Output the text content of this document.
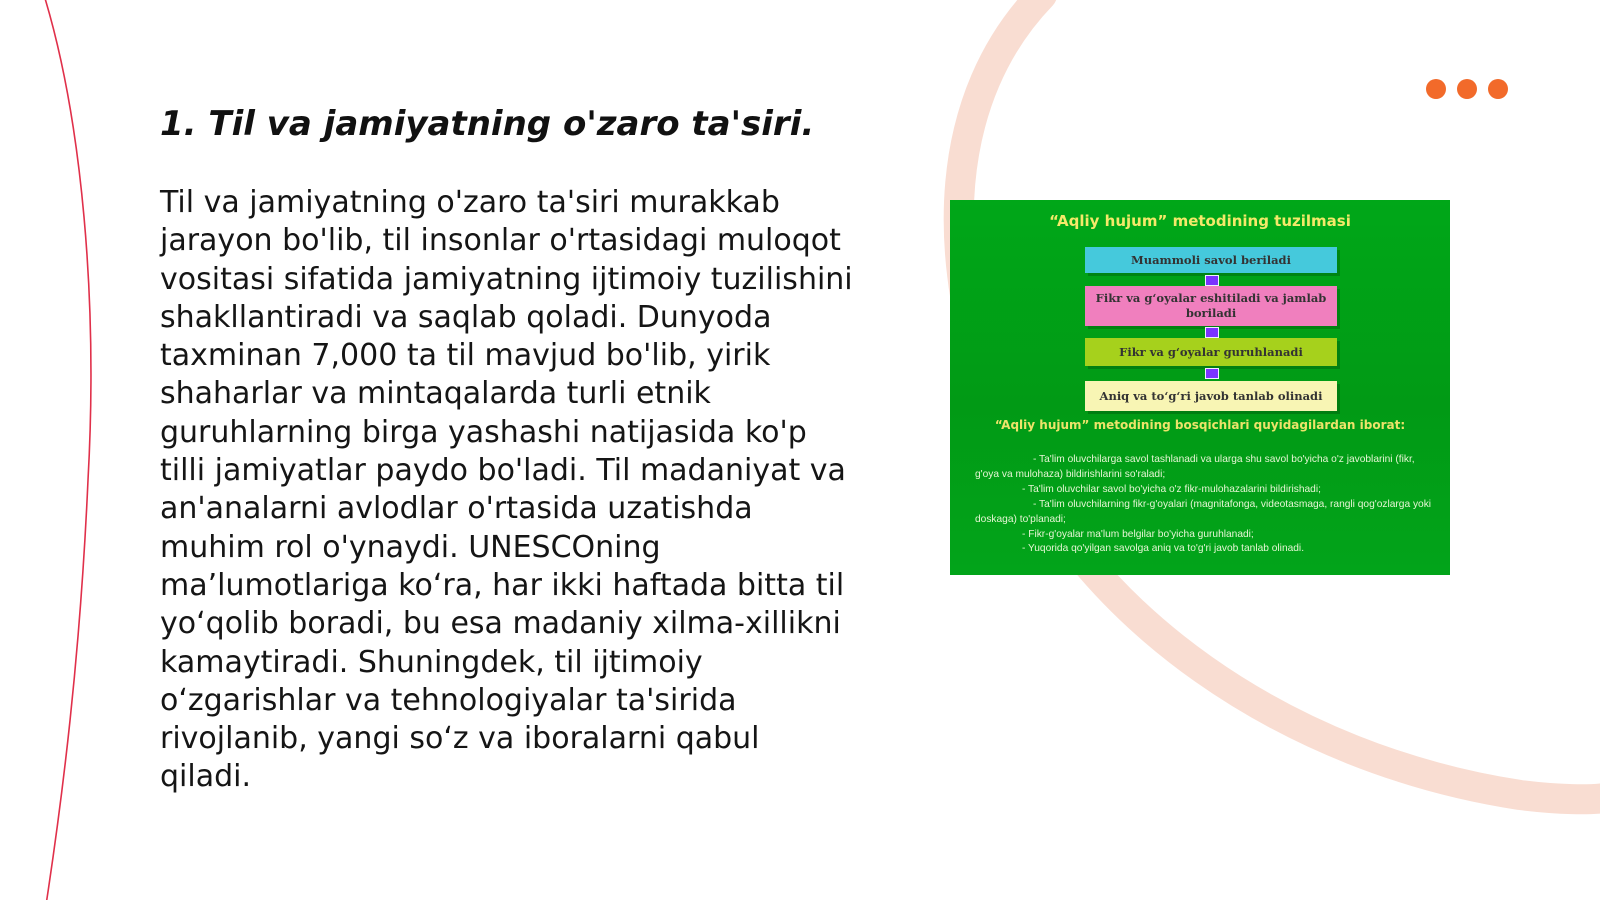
1. Til va jamiyatning o'zaro ta'siri.

Til va jamiyatning o'zaro ta'siri murakkab jarayon bo'lib, til insonlar o'rtasidagi muloqot vositasi sifatida jamiyatning ijtimoiy tuzilishini shakllantiradi va saqlab qoladi. Dunyoda taxminan 7,000 ta til mavjud bo'lib, yirik shaharlar va mintaqalarda turli etnik guruhlarning birga yashashi natijasida ko'p tilli jamiyatlar paydo bo'ladi. Til madaniyat va an'analarni avlodlar o'rtasida uzatishda muhim rol o'ynaydi. UNESCOning maʼlumotlariga koʻra, har ikki haftada bitta til yoʻqolib boradi, bu esa madaniy xilma-xillikni kamaytiradi. Shuningdek, til ijtimoiy oʻzgarishlar va tehnologiyalar ta'sirida rivojlanib, yangi soʻz va iboralarni qabul qiladi.

“Aqliy hujum” metodining tuzilmasi
Muammoli savol beriladi
Fikr va g‘oyalar eshitiladi va jamlab boriladi
Fikr va g‘oyalar guruhlanadi
Aniq va to‘g‘ri javob tanlab olinadi
“Aqliy hujum” metodining bosqichlari quyidagilardan iborat:
- Ta'lim oluvchilarga savol tashlanadi va ularga shu savol bo'yicha o'z javoblarini (fikr, g'oya va mulohaza) bildirishlarini so'raladi;
- Ta'lim oluvchilar savol bo'yicha o'z fikr-mulohazalarini bildirishadi;
- Ta'lim oluvchilarning fikr-g'oyalari (magnitafonga, videotasmaga, rangli qog'ozlarga yoki doskaga) to'planadi;
- Fikr-g'oyalar ma'lum belgilar bo'yicha guruhlanadi;
- Yuqorida qo'yilgan savolga aniq va to'g'ri javob tanlab olinadi.
